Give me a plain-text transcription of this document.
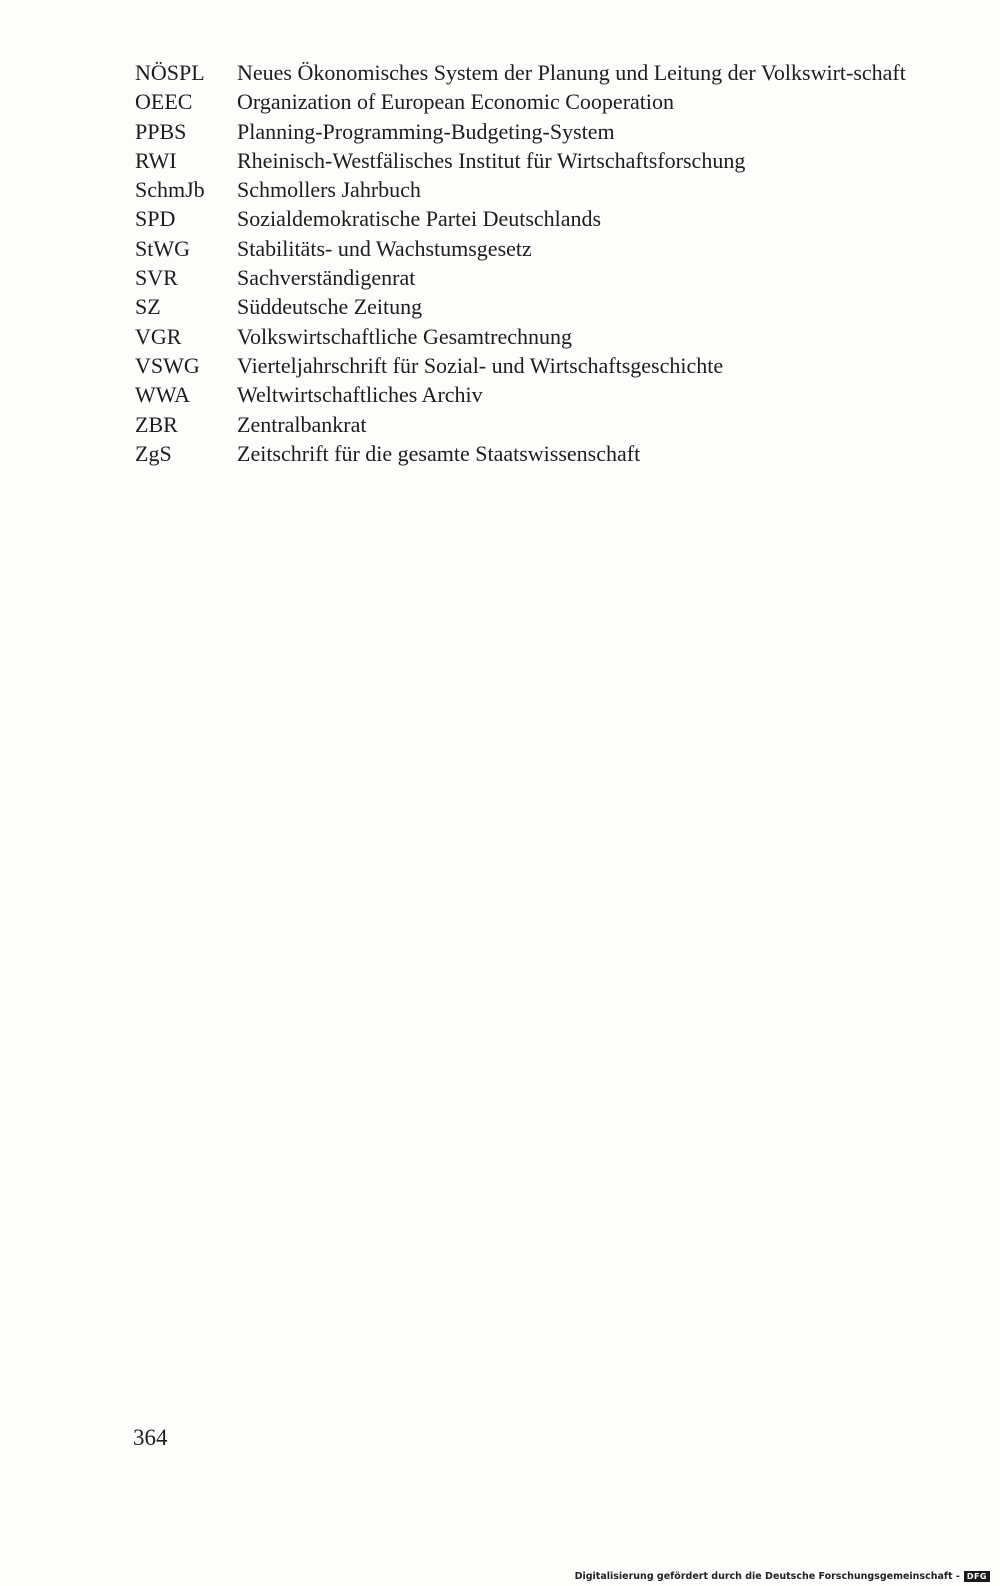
NÖSPL	Neues Ökonomisches System der Planung und Leitung der Volkswirt-schaft
OEEC	Organization of European Economic Cooperation
PPBS	Planning-Programming-Budgeting-System
RWI	Rheinisch-Westfälisches Institut für Wirtschaftsforschung
SchmJb	Schmollers Jahrbuch
SPD	Sozialdemokratische Partei Deutschlands
StWG	Stabilitäts- und Wachstumsgesetz
SVR	Sachverständigenrat
SZ	Süddeutsche Zeitung
VGR	Volkswirtschaftliche Gesamtrechnung
VSWG	Vierteljahrschrift für Sozial- und Wirtschaftsgeschichte
WWA	Weltwirtschaftliches Archiv
ZBR	Zentralbankrat
ZgS	Zeitschrift für die gesamte Staatswissenschaft
364
Digitalisierung gefördert durch die Deutsche Forschungsgemeinschaft - DFG
